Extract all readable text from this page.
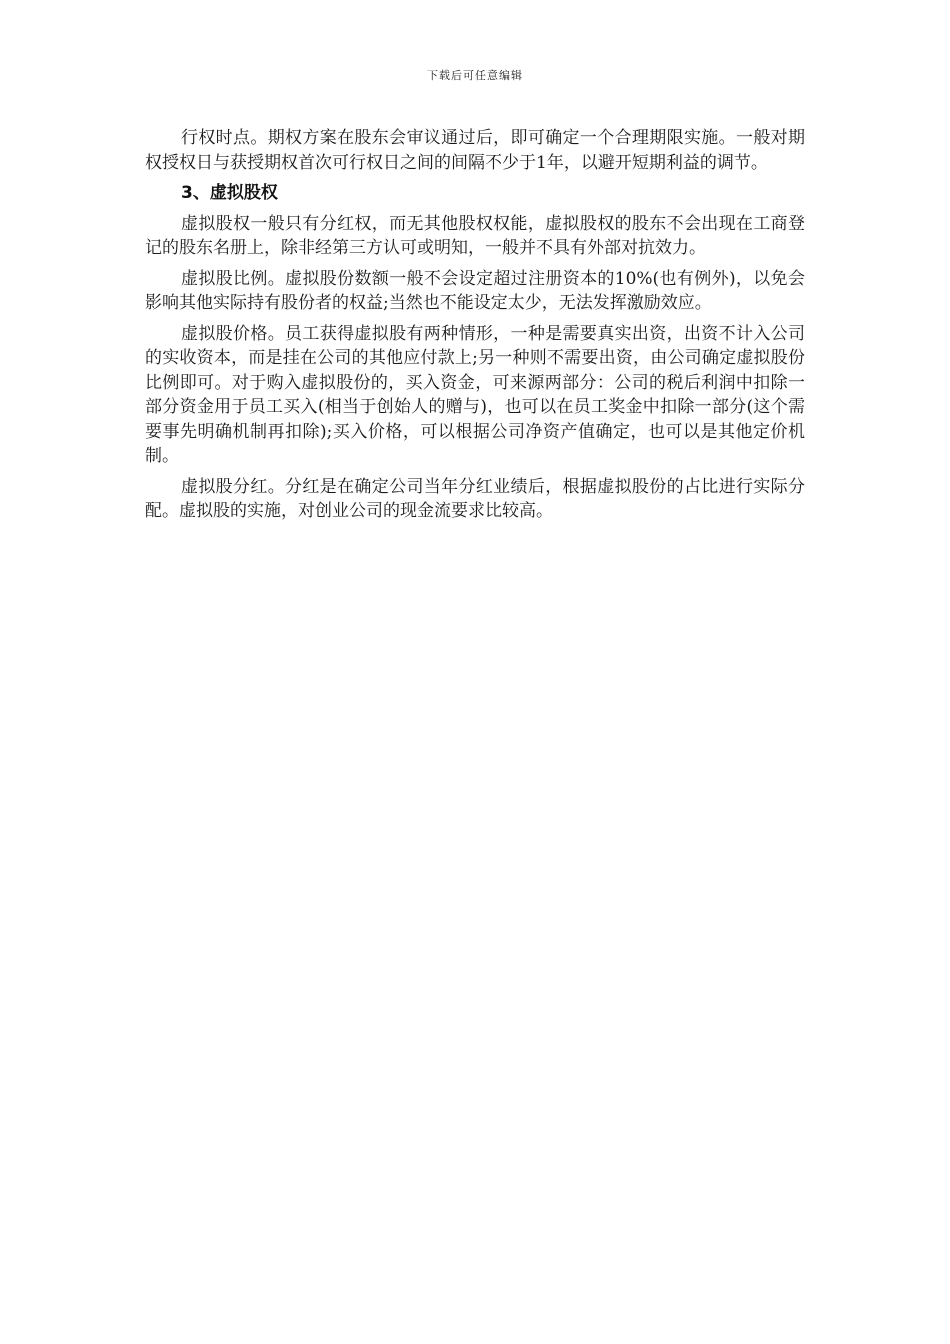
下载后可任意编辑

行权时点。期权方案在股东会审议通过后，即可确定一个合理期限实施。一般对期权授权日与获授期权首次可行权日之间的间隔不少于1年，以避开短期利益的调节。

3、虚拟股权

虚拟股权一般只有分红权，而无其他股权权能，虚拟股权的股东不会出现在工商登记的股东名册上，除非经第三方认可或明知，一般并不具有外部对抗效力。

虚拟股比例。虚拟股份数额一般不会设定超过注册资本的10%(也有例外)，以免会影响其他实际持有股份者的权益;当然也不能设定太少，无法发挥激励效应。

虚拟股价格。员工获得虚拟股有两种情形，一种是需要真实出资，出资不计入公司的实收资本，而是挂在公司的其他应付款上;另一种则不需要出资，由公司确定虚拟股份比例即可。对于购入虚拟股份的，买入资金，可来源两部分：公司的税后利润中扣除一部分资金用于员工买入(相当于创始人的赠与)，也可以在员工奖金中扣除一部分(这个需要事先明确机制再扣除);买入价格，可以根据公司净资产值确定，也可以是其他定价机制。

虚拟股分红。分红是在确定公司当年分红业绩后，根据虚拟股份的占比进行实际分配。虚拟股的实施，对创业公司的现金流要求比较高。
